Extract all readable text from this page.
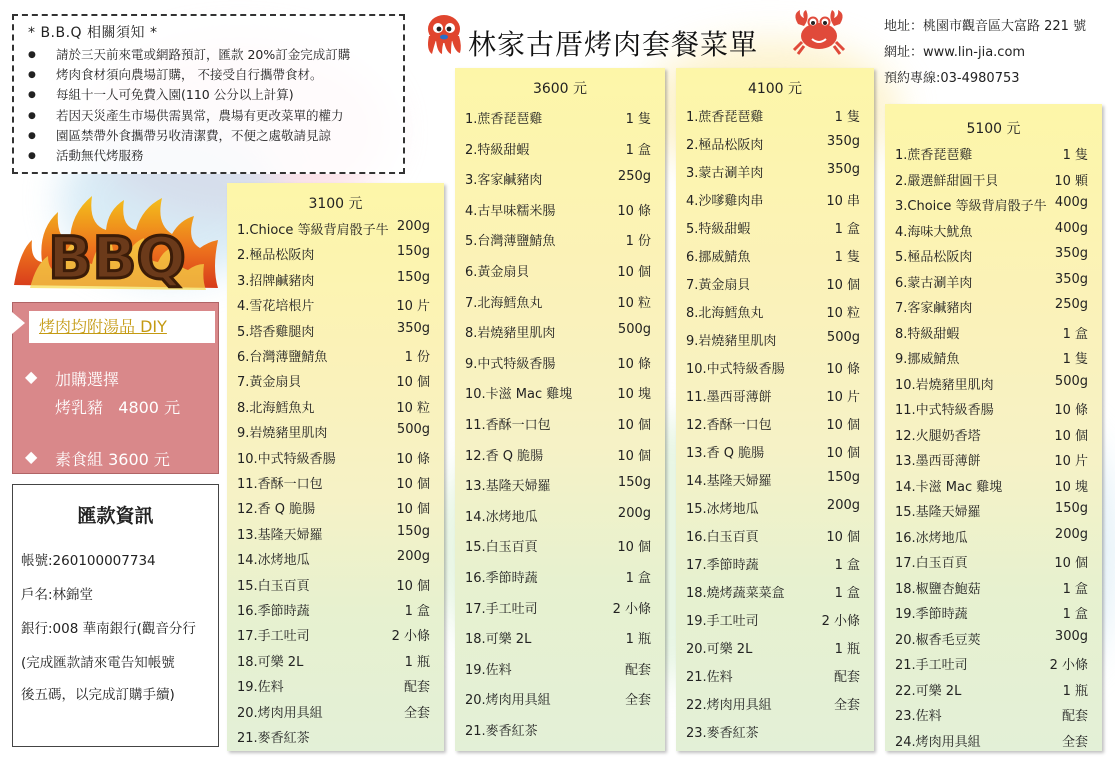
* B.B.Q 相關須知 *
● 請於三天前來電或網路預訂，匯款 20%訂金完成訂購
● 烤肉食材須向農場訂購， 不接受自行攜帶食材。
● 每組十一人可免費入園(110 公分以上計算)
● 若因天災產生市場供需異常，農場有更改菜單的權力
● 園區禁帶外食攜帶另收清潔費，不便之處敬請見諒
● 活動無代烤服務
林家古厝烤肉套餐菜單
地址：桃園市觀音區大富路 221 號
網址：www.lin-jia.com
預約專線:03-4980753
BBQ
烤肉均附湯品 DIY
◆ 加購選擇
烤乳豬   4800 元
◆ 素食組 3600 元
匯款資訊
帳號:260100007734
戶名:林錦堂
銀行:008 華南銀行(觀音分行
(完成匯款請來電告知帳號
後五碼，以完成訂購手續)
3100 元
1.Chioce 等級背肩骰子牛 200g
2.極品松阪肉	150g
3.招牌鹹豬肉	150g
4.雪花培根片	10 片
5.塔香雞腿肉	350g
6.台灣薄鹽鯖魚	1 份
7.黃金扇貝	10 個
8.北海鱈魚丸	10 粒
9.岩燒豬里肌肉	500g
10.中式特級香腸	10 條
11.香酥一口包	10 個
12.香 Q 脆腸	10 個
13.基隆天婦羅	150g
14.冰烤地瓜	200g
15.白玉百頁	10 個
16.季節時蔬	1 盒
17.手工吐司	2 小條
18.可樂 2L	1 瓶
19.佐料	配套
20.烤肉用具組	全套
21.麥香紅茶
3600 元
1.蔗香琵琶雞	1 隻
2.特級甜蝦	1 盒
3.客家鹹豬肉	250g
4.古早味糯米腸	10 條
5.台灣薄鹽鯖魚	1 份
6.黃金扇貝	10 個
7.北海鱈魚丸	10 粒
8.岩燒豬里肌肉	500g
9.中式特級香腸	10 條
10.卡滋 Mac 雞塊	10 塊
11.香酥一口包	10 個
12.香 Q 脆腸	10 個
13.基隆天婦羅	150g
14.冰烤地瓜	200g
15.白玉百頁	10 個
16.季節時蔬	1 盒
17.手工吐司	2 小條
18.可樂 2L	1 瓶
19.佐料	配套
20.烤肉用具組	全套
21.麥香紅茶
4100 元
1.蔗香琵琶雞	1 隻
2.極品松阪肉	350g
3.蒙古涮羊肉	350g
4.沙嗲雞肉串	10 串
5.特級甜蝦	1 盒
6.挪威鯖魚	1 隻
7.黃金扇貝	10 個
8.北海鱈魚丸	10 粒
9.岩燒豬里肌肉	500g
10.中式特級香腸	10 條
11.墨西哥薄餅	10 片
12.香酥一口包	10 個
13.香 Q 脆腸	10 個
14.基隆天婦羅	150g
15.冰烤地瓜	200g
16.白玉百頁	10 個
17.季節時蔬	1 盒
18.燒烤蔬菜菜盒	1 盒
19.手工吐司	2 小條
20.可樂 2L	1 瓶
21.佐料	配套
22.烤肉用具組	全套
23.麥香紅茶
5100 元
1.蔗香琵琶雞	1 隻
2.嚴選鮮甜圓干貝	10 顆
3.Choice 等級背肩骰子牛 400g
4.海味大魷魚	400g
5.極品松阪肉	350g
6.蒙古涮羊肉	350g
7.客家鹹豬肉	250g
8.特級甜蝦	1 盒
9.挪威鯖魚	1 隻
10.岩燒豬里肌肉	500g
11.中式特級香腸	10 條
12.火腿奶香塔	10 個
13.墨西哥薄餅	10 片
14.卡滋 Mac 雞塊	10 塊
15.基隆天婦羅	150g
16.冰烤地瓜	200g
17.白玉百頁	10 個
18.椒鹽杏鮑菇	1 盒
19.季節時蔬	1 盒
20.椒香毛豆莢	300g
21.手工吐司	2 小條
22.可樂 2L	1 瓶
23.佐料	配套
24.烤肉用具組	全套
